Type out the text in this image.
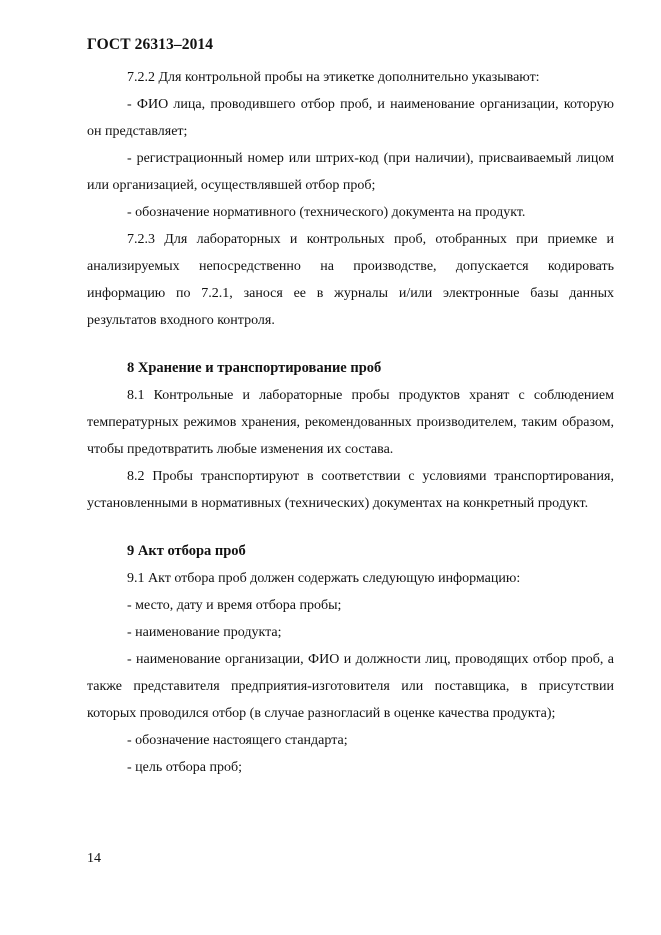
ГОСТ 26313–2014

7.2.2 Для контрольной пробы на этикетке дополнительно указывают:

- ФИО лица, проводившего отбор проб, и наименование организации, которую он представляет;

- регистрационный номер или штрих-код (при наличии), присваиваемый лицом или организацией, осуществлявшей отбор проб;

- обозначение нормативного (технического) документа на продукт.

7.2.3 Для лабораторных и контрольных проб, отобранных при приемке и анализируемых непосредственно на производстве, допускается кодировать информацию по 7.2.1, занося ее в журналы и/или электронные базы данных результатов входного контроля.

8 Хранение и транспортирование проб

8.1 Контрольные и лабораторные пробы продуктов хранят с соблюдением температурных режимов хранения, рекомендованных производителем, таким образом, чтобы предотвратить любые изменения их состава.

8.2 Пробы транспортируют в соответствии с условиями транспортирования, установленными в нормативных (технических) документах на конкретный продукт.

9 Акт отбора проб

9.1 Акт отбора проб должен содержать следующую информацию:

- место, дату и время отбора пробы;

- наименование продукта;

- наименование организации, ФИО и должности лиц, проводящих отбор проб, а также представителя предприятия-изготовителя или поставщика, в присутствии которых проводился отбор (в случае разногласий в оценке качества продукта);

- обозначение настоящего стандарта;

- цель отбора проб;

14
